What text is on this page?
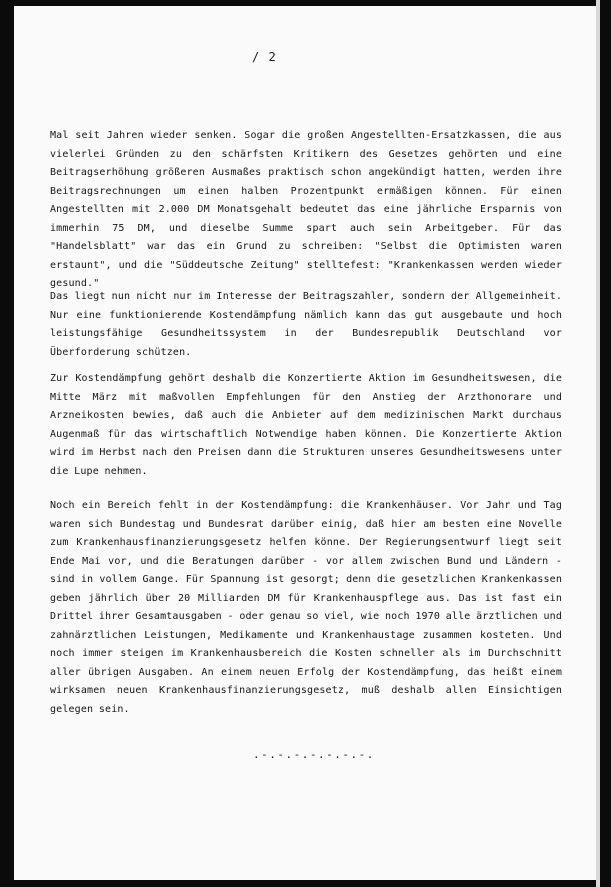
/ 2

Mal seit Jahren wieder senken. Sogar die großen Angestellten-Ersatzkassen, die aus vielerlei Gründen zu den schärfsten Kritikern des Gesetzes gehörten und eine Beitragserhöhung größeren Ausmaßes praktisch schon angekündigt hatten, werden ihre Beitragsrechnungen um einen halben Prozentpunkt ermäßigen können. Für einen Angestellten mit 2.000 DM Monatsgehalt bedeutet das eine jährliche Ersparnis von immerhin 75 DM, und dieselbe Summe spart auch sein Arbeitgeber. Für das "Handelsblatt" war das ein Grund zu schreiben: "Selbst die Optimisten waren erstaunt", und die "Süddeutsche Zeitung" stelltefest: "Krankenkassen werden wieder gesund."

Das liegt nun nicht nur im Interesse der Beitragszahler, sondern der Allgemeinheit. Nur eine funktionierende Kostendämpfung nämlich kann das gut ausgebaute und hoch leistungsfähige Gesundheitssystem in der Bundesrepublik Deutschland vor Überforderung schützen.

Zur Kostendämpfung gehört deshalb die Konzertierte Aktion im Gesundheitswesen, die Mitte März mit maßvollen Empfehlungen für den Anstieg der Arzthonorare und Arzneikosten bewies, daß auch die Anbieter auf dem medizinischen Markt durchaus Augenmaß für das wirtschaftlich Notwendige haben können. Die Konzertierte Aktion wird im Herbst nach den Preisen dann die Strukturen unseres Gesundheitswesens unter die Lupe nehmen.

Noch ein Bereich fehlt in der Kostendämpfung: die Krankenhäuser. Vor Jahr und Tag waren sich Bundestag und Bundesrat darüber einig, daß hier am besten eine Novelle zum Krankenhausfinanzierungsgesetz helfen könne. Der Regierungsentwurf liegt seit Ende Mai vor, und die Beratungen darüber - vor allem zwischen Bund und Ländern - sind in vollem Gange. Für Spannung ist gesorgt; denn die gesetzlichen Krankenkassen geben jährlich über 20 Milliarden DM für Krankenhauspflege aus. Das ist fast ein Drittel ihrer Gesamtausgaben - oder genau so viel, wie noch 1970 alle ärztlichen und zahnärztlichen Leistungen, Medikamente und Krankenhaustage zusammen kosteten. Und noch immer steigen im Krankenhausbereich die Kosten schneller als im Durchschnitt aller übrigen Ausgaben. An einem neuen Erfolg der Kostendämpfung, das heißt einem wirksamen neuen Krankenhausfinanzierungsgesetz, muß deshalb allen Einsichtigen gelegen sein.

.-.-.-.-.-.-.-.
